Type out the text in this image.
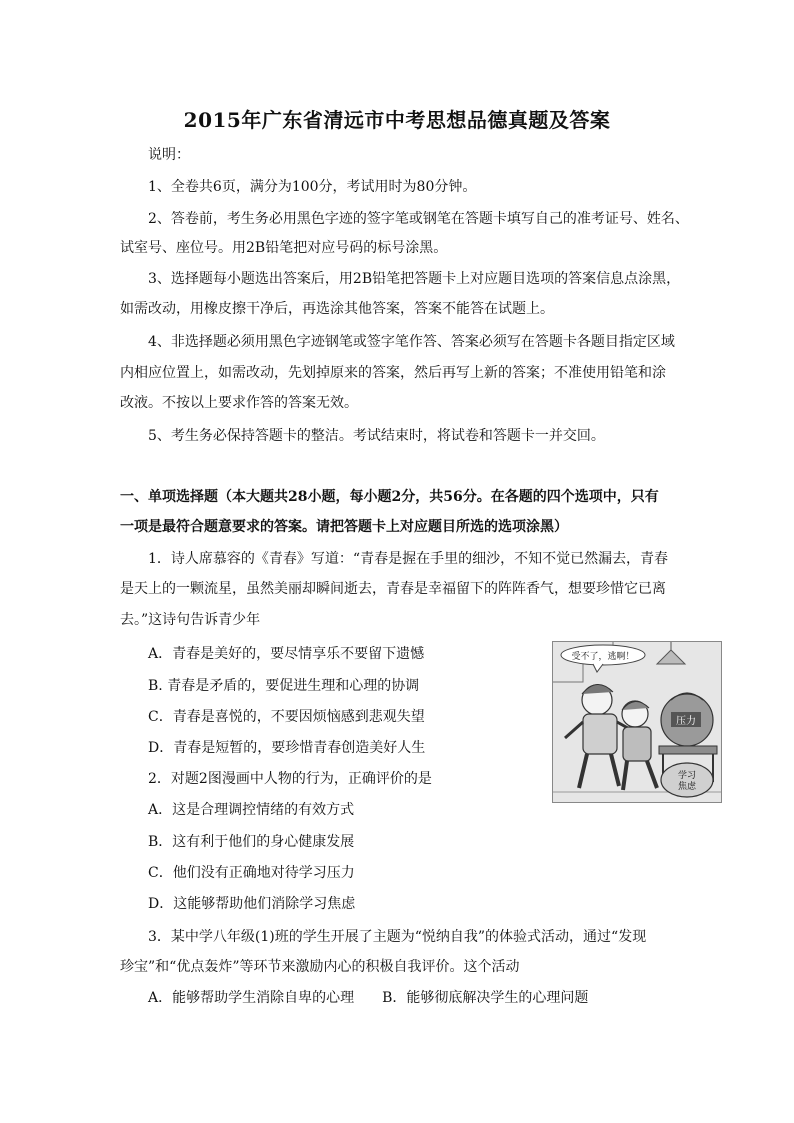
2015年广东省清远市中考思想品德真题及答案
说明：
1、全卷共6页，满分为100分，考试用时为80分钟。
2、答卷前，考生务必用黑色字迹的签字笔或钢笔在答题卡填写自己的准考证号、姓名、
试室号、座位号。用2B铅笔把对应号码的标号涂黑。
3、选择题每小题选出答案后，用2B铅笔把答题卡上对应题目选项的答案信息点涂黑，
如需改动，用橡皮擦干净后，再选涂其他答案，答案不能答在试题上。
4、非选择题必须用黑色字迹钢笔或签字笔作答、答案必须写在答题卡各题目指定区域
内相应位置上，如需改动，先划掉原来的答案，然后再写上新的答案；不准使用铅笔和涂
改液。不按以上要求作答的答案无效。
5、考生务必保持答题卡的整洁。考试结束时，将试卷和答题卡一并交回。
一、单项选择题（本大题共28小题，每小题2分，共56分。在各题的四个选项中，只有
一项是最符合题意要求的答案。请把答题卡上对应题目所选的选项涂黑）
1．诗人席慕容的《青春》写道：“青春是握在手里的细沙，不知不觉已然漏去，青春
是天上的一颗流星，虽然美丽却瞬间逝去，青春是幸福留下的阵阵香气，想要珍惜它已离
去。”这诗句告诉青少年
A．青春是美好的，要尽情享乐不要留下遗憾
B. 青春是矛盾的，要促进生理和心理的协调
C．青春是喜悦的，不要因烦恼感到悲观失望
D．青春是短暂的，要珍惜青春创造美好人生
2．对题2图漫画中人物的行为，正确评价的是
A．这是合理调控情绪的有效方式
B．这有利于他们的身心健康发展
C．他们没有正确地对待学习压力
D．这能够帮助他们消除学习焦虑
3．某中学八年级(1)班的学生开展了主题为“悦纳自我”的体验式活动，通过“发现
珍宝”和“优点轰炸”等环节来激励内心的积极自我评价。这个活动
A．能够帮助学生消除自卑的心理　　B．能够彻底解决学生的心理问题
受不了，逃啊！
压力
学习焦虑
